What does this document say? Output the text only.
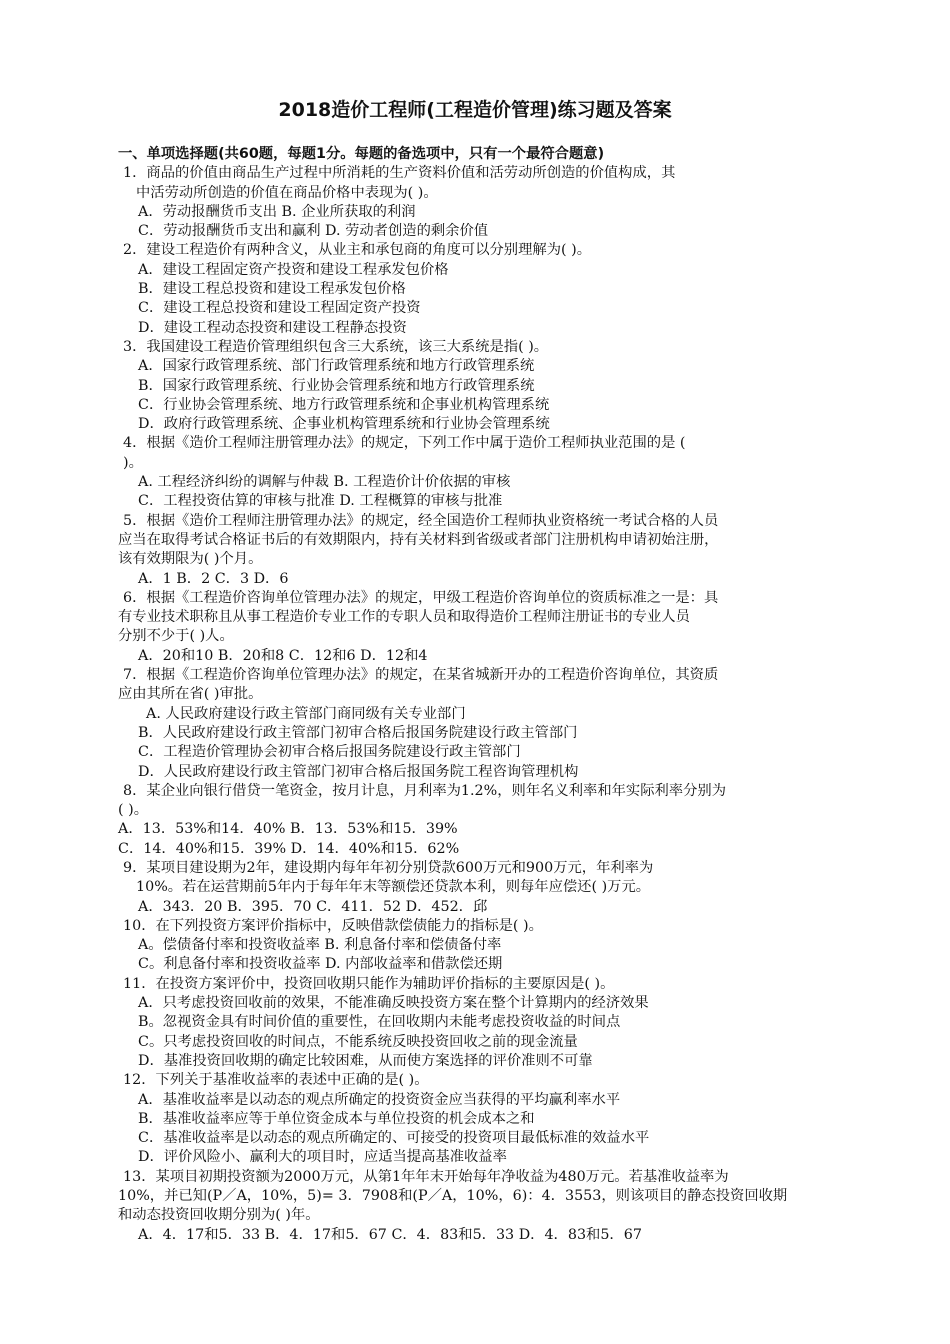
2018造价工程师(工程造价管理)练习题及答案
一、单项选择题(共60题，每题1分。每题的备选项中，只有一个最符合题意)
1．商品的价值由商品生产过程中所消耗的生产资料价值和活劳动所创造的价值构成，其
中活劳动所创造的价值在商品价格中表现为( )。
A．劳动报酬货币支出 B. 企业所获取的利润
C．劳动报酬货币支出和赢利 D. 劳动者创造的剩余价值
2．建设工程造价有两种含义，从业主和承包商的角度可以分别理解为( )。
A．建设工程固定资产投资和建设工程承发包价格
B．建设工程总投资和建设工程承发包价格
C．建设工程总投资和建设工程固定资产投资
D．建设工程动态投资和建设工程静态投资
3．我国建设工程造价管理组织包含三大系统，该三大系统是指( )。
A．国家行政管理系统、部门行政管理系统和地方行政管理系统
B．国家行政管理系统、行业协会管理系统和地方行政管理系统
C．行业协会管理系统、地方行政管理系统和企事业机构管理系统
D．政府行政管理系统、企事业机构管理系统和行业协会管理系统
4．根据《造价工程师注册管理办法》的规定，下列工作中属于造价工程师执业范围的是 (
)。
A. 工程经济纠纷的调解与仲裁 B. 工程造价计价依据的审核
C．工程投资估算的审核与批准 D. 工程概算的审核与批准
5．根据《造价工程师注册管理办法》的规定，经全国造价工程师执业资格统一考试合格的人员
应当在取得考试合格证书后的有效期限内，持有关材料到省级或者部门注册机构申请初始注册，
该有效期限为( )个月。
A．1 B．2 C．3 D．6
6．根据《工程造价咨询单位管理办法》的规定，甲级工程造价咨询单位的资质标准之一是：具
有专业技术职称且从事工程造价专业工作的专职人员和取得造价工程师注册证书的专业人员
分别不少于( )人。
A．20和10 B．20和8 C．12和6 D．12和4
7．根据《工程造价咨询单位管理办法》的规定，在某省城新开办的工程造价咨询单位，其资质
应由其所在省( )审批。
A. 人民政府建设行政主管部门商同级有关专业部门
B．人民政府建设行政主管部门初审合格后报国务院建设行政主管部门
C．工程造价管理协会初审合格后报国务院建设行政主管部门
D．人民政府建设行政主管部门初审合格后报国务院工程咨询管理机构
8．某企业向银行借贷一笔资金，按月计息，月利率为1.2%，则年名义利率和年实际利率分别为
( )。
A．13．53%和14．40% B．13．53%和15．39%
C．14．40%和15．39% D．14．40%和15．62%
9．某项目建设期为2年，建设期内每年年初分别贷款600万元和900万元，年利率为
10%。若在运营期前5年内于每年年末等额偿还贷款本利，则每年应偿还( )万元。
A．343．20 B．395．70 C．411．52 D．452．邱
10．在下列投资方案评价指标中，反映借款偿债能力的指标是( )。
A。偿债备付率和投资收益率 B. 利息备付率和偿债备付率
C。利息备付率和投资收益率 D. 内部收益率和借款偿还期
11．在投资方案评价中，投资回收期只能作为辅助评价指标的主要原因是( )。
A．只考虑投资回收前的效果，不能准确反映投资方案在整个计算期内的经济效果
B。忽视资金具有时间价值的重要性，在回收期内未能考虑投资收益的时间点
C。只考虑投资回收的时间点，不能系统反映投资回收之前的现金流量
D．基准投资回收期的确定比较困难，从而使方案选择的评价准则不可靠
12．下列关于基准收益率的表述中正确的是( )。
A．基准收益率是以动态的观点所确定的投资资金应当获得的平均赢利率水平
B．基准收益率应等于单位资金成本与单位投资的机会成本之和
C．基准收益率是以动态的观点所确定的、可接受的投资项目最低标准的效益水平
D．评价风险小、赢利大的项目时，应适当提高基准收益率
13．某项目初期投资额为2000万元，从第1年年末开始每年净收益为480万元。若基准收益率为
10%，并已知(P／A，10%，5)= 3．7908和(P／A，10%，6)：4．3553，则该项目的静态投资回收期
和动态投资回收期分别为( )年。
A．4．17和5．33 B．4．17和5．67 C．4．83和5．33 D．4．83和5．67
